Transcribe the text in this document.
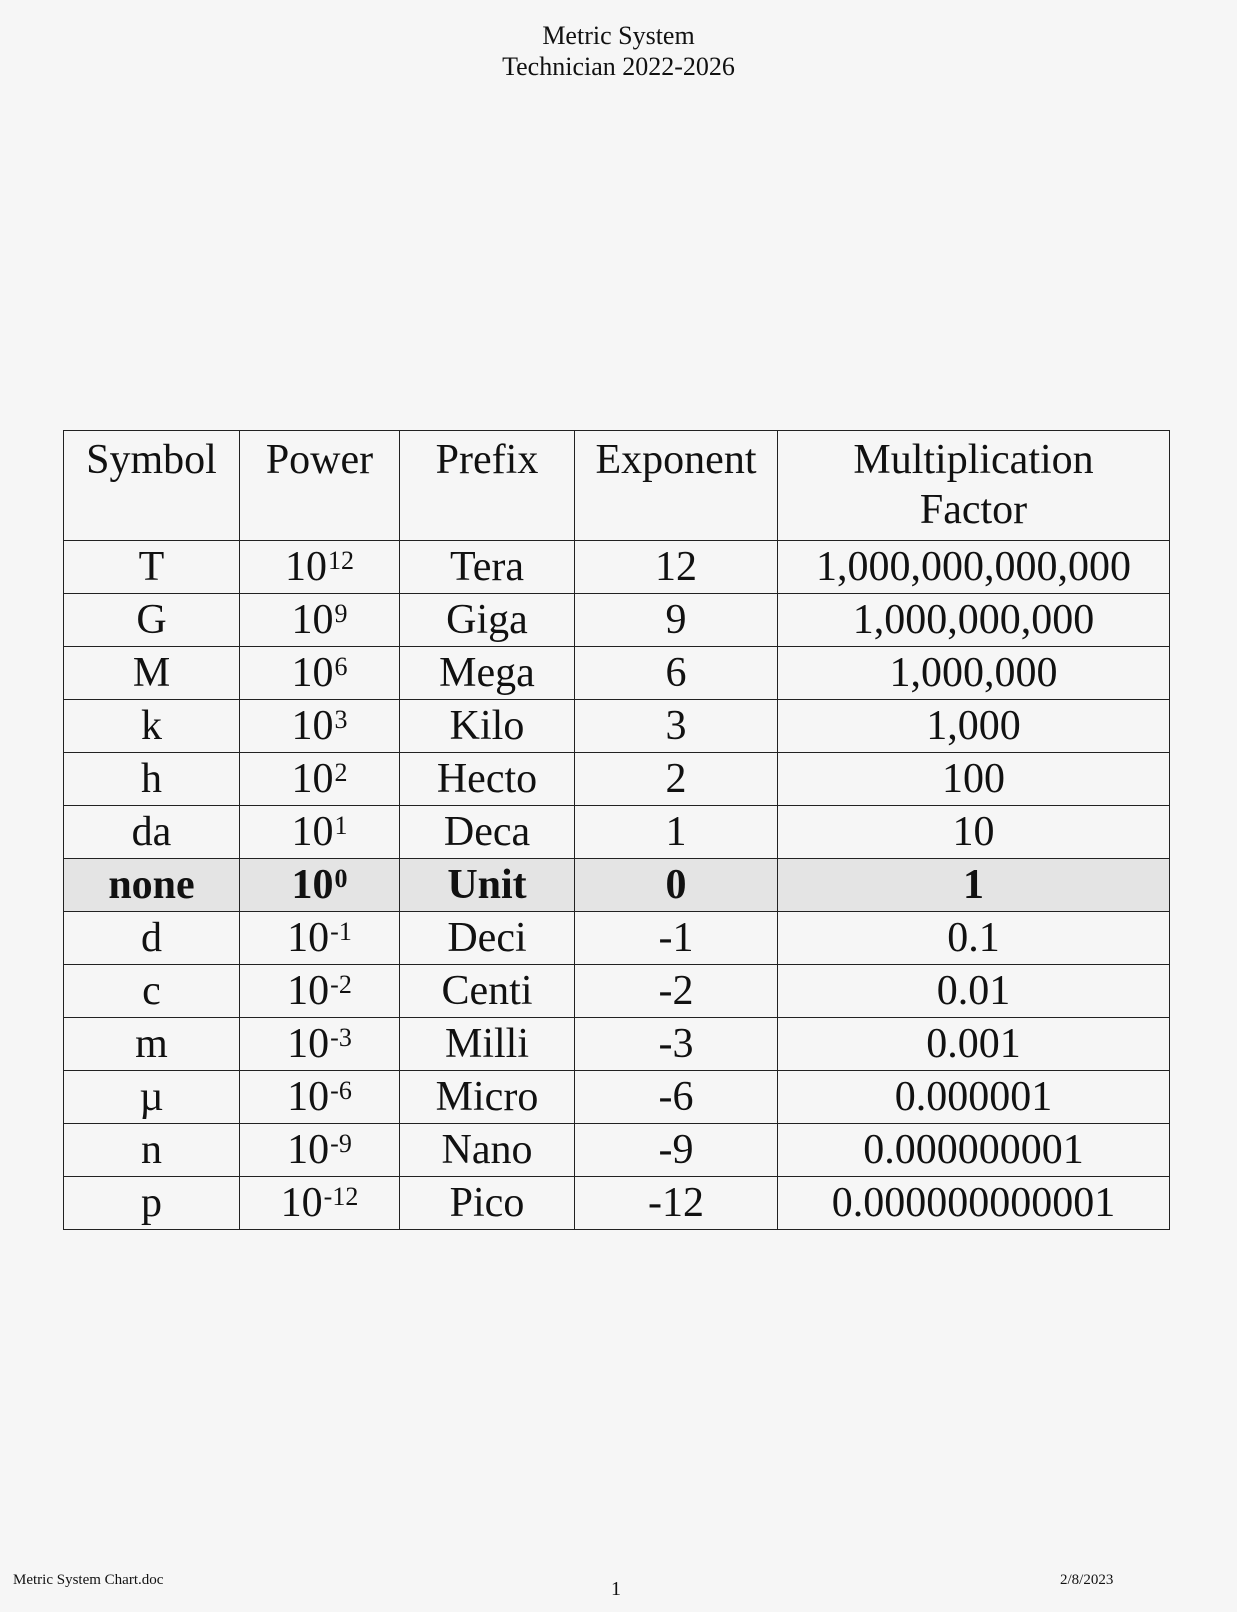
Metric System
Technician 2022-2026
Symbol	Power	Prefix	Exponent	Multiplication Factor
T	$10^{12}$	Tera	12	1,000,000,000,000
G	$10^9$	Giga	9	1,000,000,000
M	$10^6$	Mega	6	1,000,000
k	$10^3$	Kilo	3	1,000
h	$10^2$	Hecto	2	100
da	$10^1$	Deca	1	10
none	$10^0$	Unit	0	1
d	$10^{-1}$	Deci	-1	0.1
c	$10^{-2}$	Centi	-2	0.01
m	$10^{-3}$	Milli	-3	0.001
µ	$10^{-6}$	Micro	-6	0.000001
n	$10^{-9}$	Nano	-9	0.000000001
p	$10^{-12}$	Pico	-12	0.000000000001
Metric System Chart.doc	1	2/8/2023
